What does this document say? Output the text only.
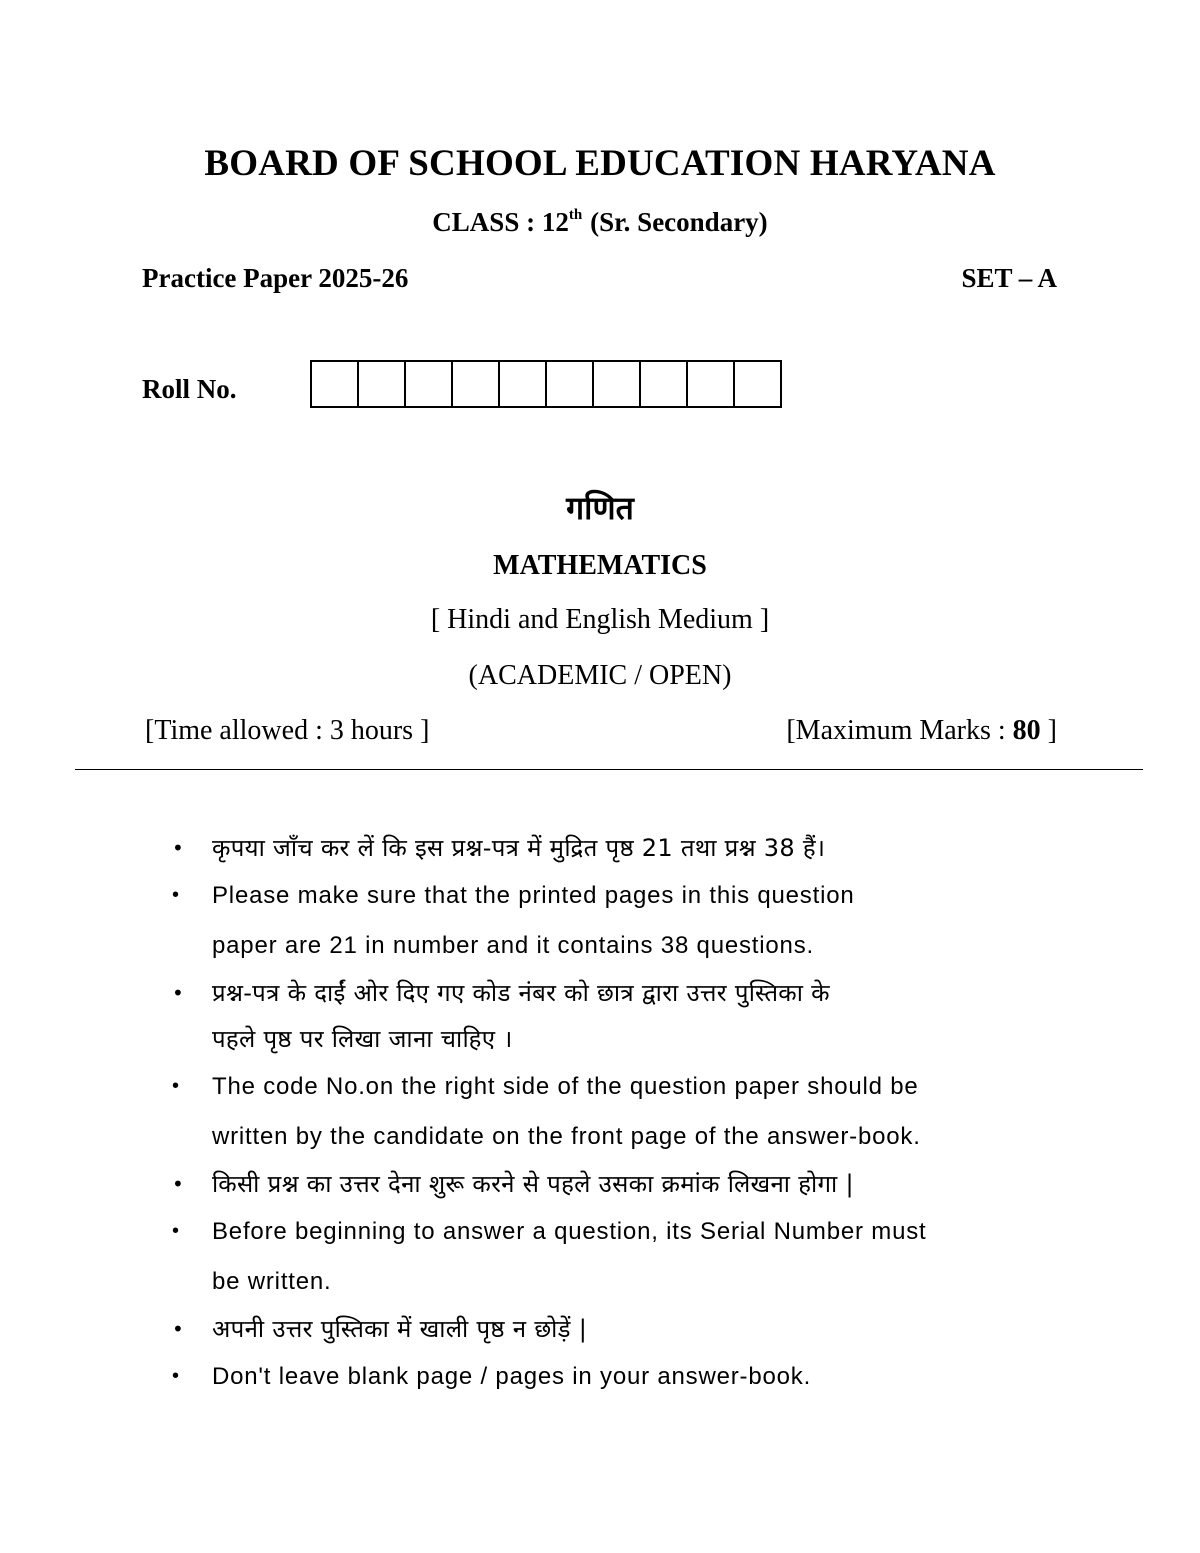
BOARD OF SCHOOL EDUCATION HARYANA
CLASS : 12th (Sr. Secondary)
Practice Paper 2025-26	SET – A
Roll No.
गणित
MATHEMATICS
[ Hindi and English Medium ]
(ACADEMIC / OPEN)
[Time allowed : 3 hours ]	[Maximum Marks : 80 ]
• कृपया जाँच कर लें कि इस प्रश्न-पत्र में मुद्रित पृष्ठ 21 तथा प्रश्न 38 हैं।
• Please make sure that the printed pages in this question
paper are 21 in number and it contains 38 questions.
• प्रश्न-पत्र के दाईं ओर दिए गए कोड नंबर को छात्र द्वारा उत्तर पुस्तिका के
पहले पृष्ठ पर लिखा जाना चाहिए ।
• The code No.on the right side of the question paper should be
written by the candidate on the front page of the answer-book.
• किसी प्रश्न का उत्तर देना शुरू करने से पहले उसका क्रमांक लिखना होगा |
• Before beginning to answer a question, its Serial Number must
be written.
• अपनी उत्तर पुस्तिका में खाली पृष्ठ न छोड़ें |
• Don't leave blank page / pages in your answer-book.
